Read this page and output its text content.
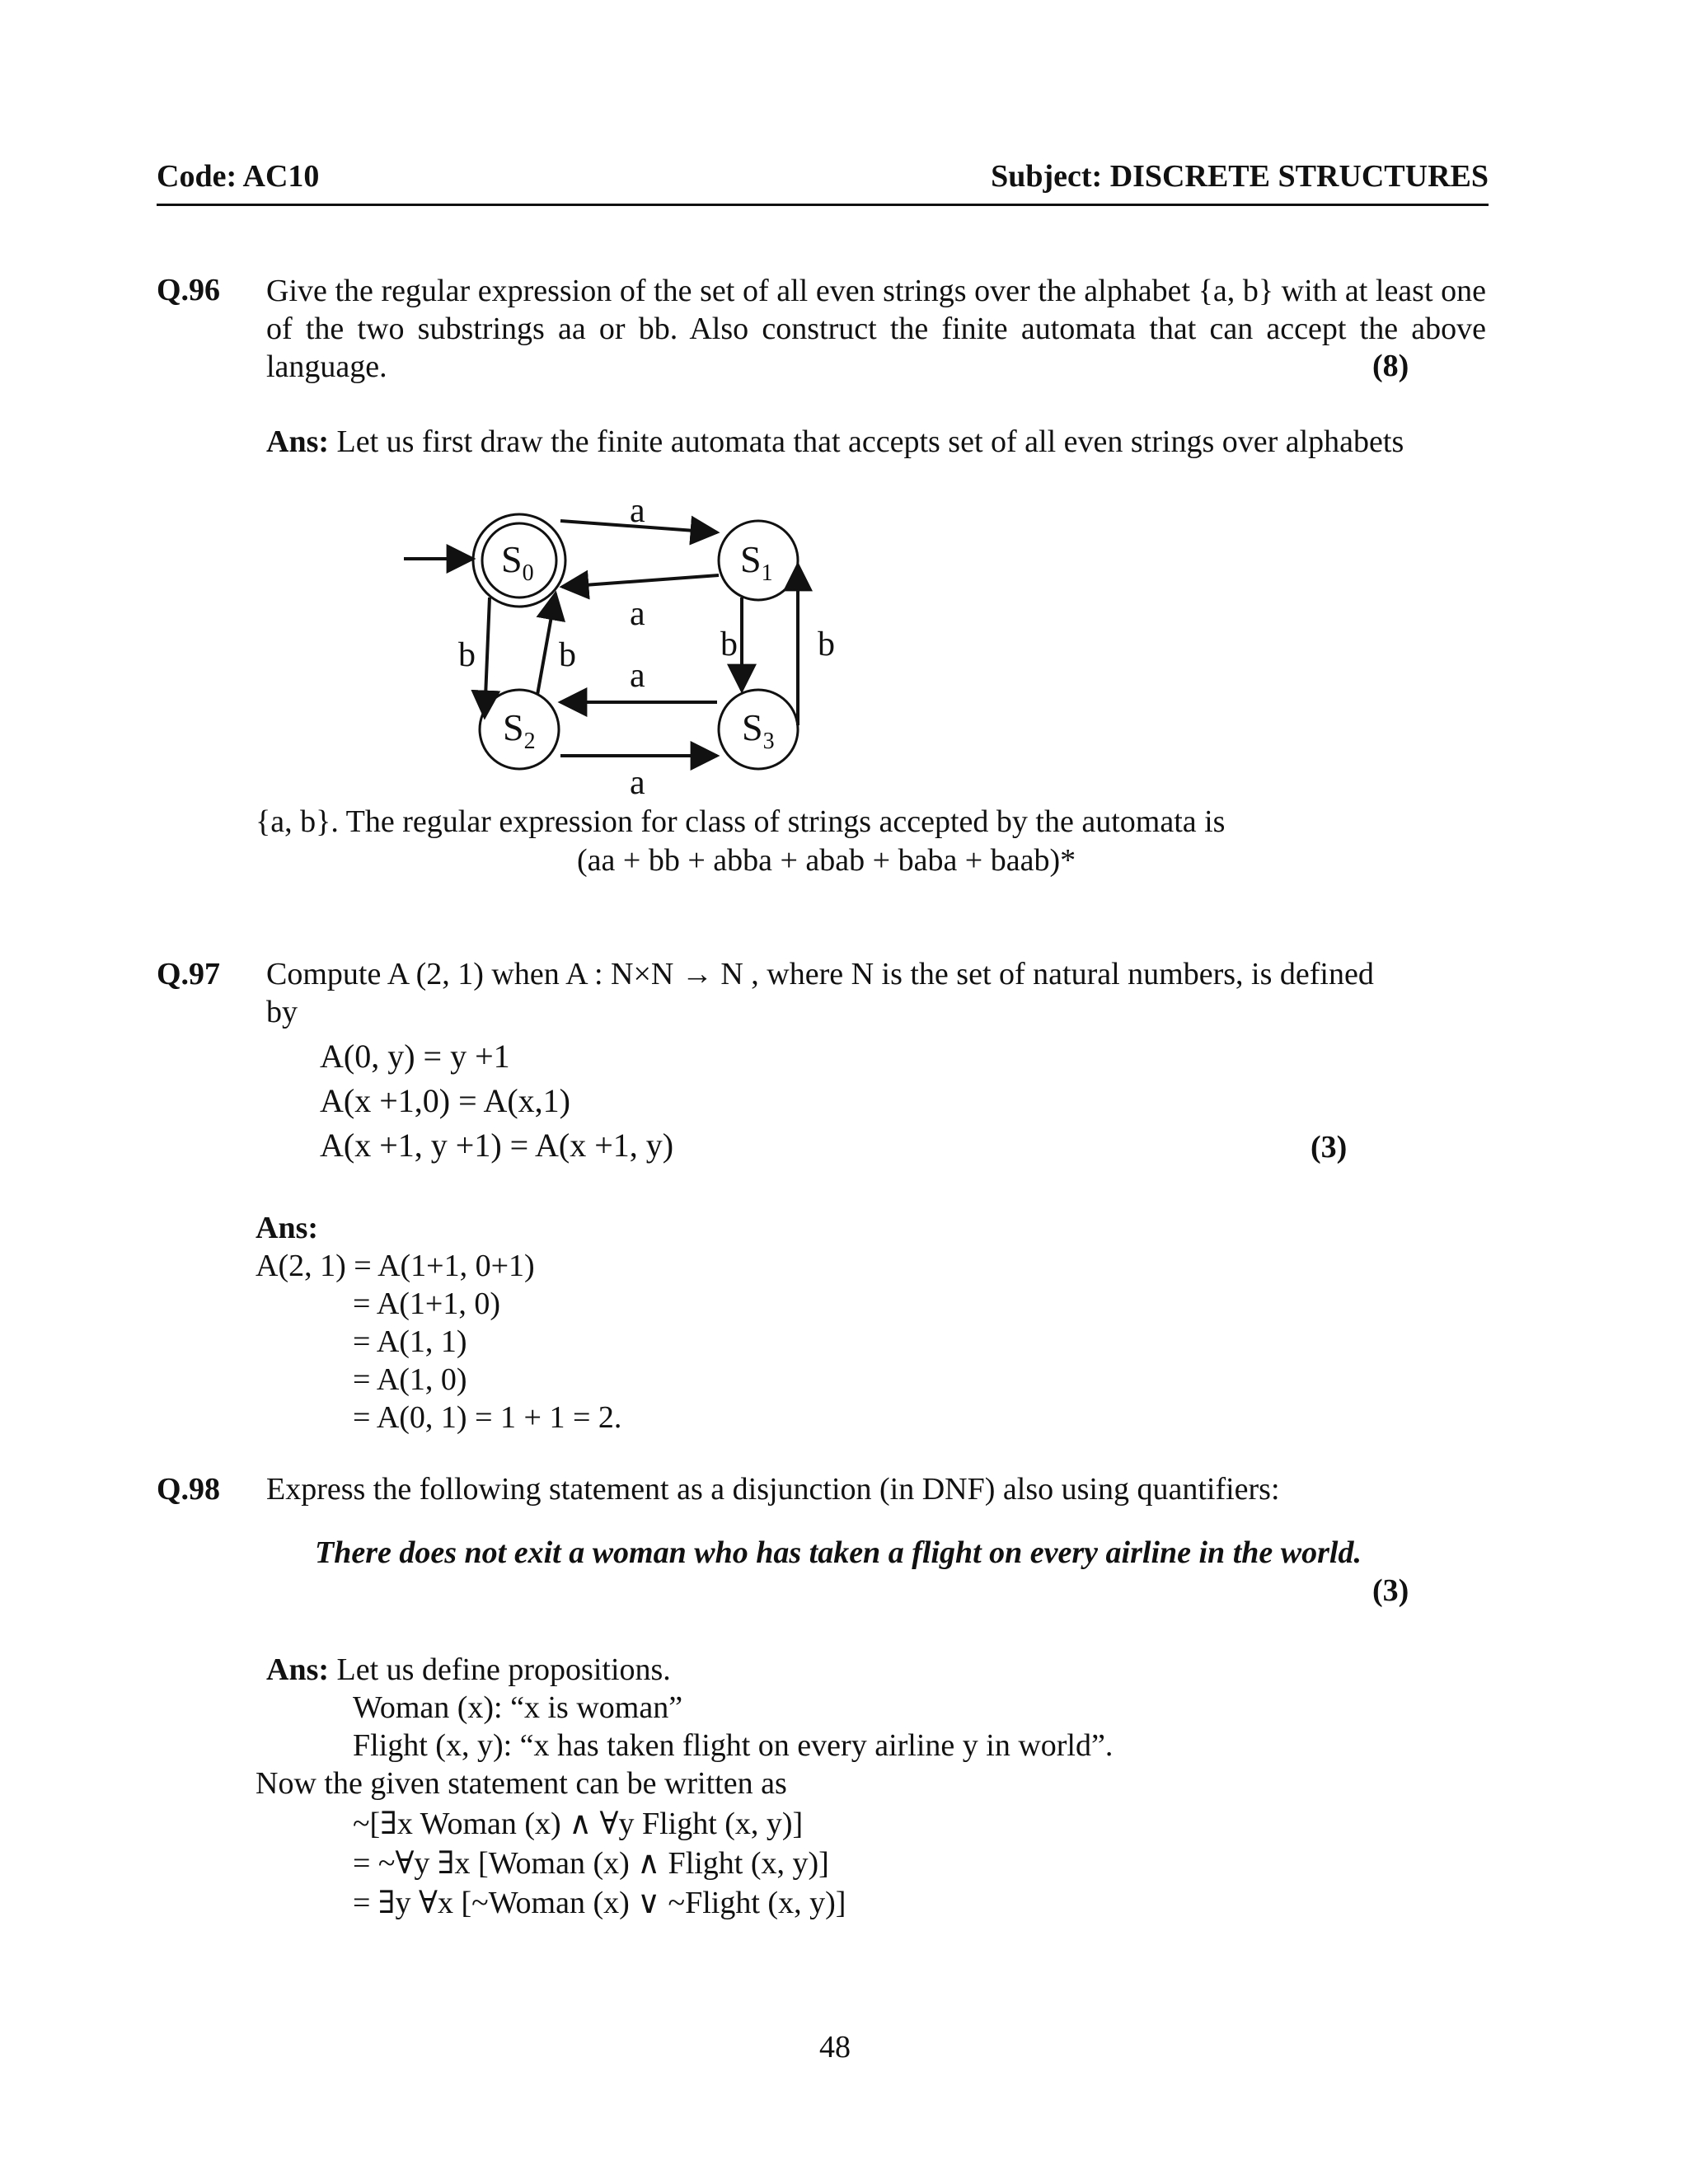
Code: AC10	Subject: DISCRETE STRUCTURES
Q.96 Give the regular expression of the set of all even strings over the alphabet {a, b} with at least one of the two substrings aa or bb. Also construct the finite automata that can accept the above language.	(8)
Ans: Let us first draw the finite automata that accepts set of all even strings over alphabets
$S_0$	$S_1$
$S_2$	$S_3$
a
a
a
a
b b	b b
{a, b}. The regular expression for class of strings accepted by the automata is
(aa + bb + abba + abab + baba + baab)*
Q.97 Compute A (2, 1) when A : N×N → N , where N is the set of natural numbers, is defined
by
A(0, y) = y +1
A(x +1,0) = A(x,1)
A(x +1, y +1) = A(x +1, y)	(3)
Ans:
A(2, 1) = A(1+1, 0+1)
= A(1+1, 0)
= A(1, 1)
= A(1, 0)
= A(0, 1) = 1 + 1 = 2.
Q.98 Express the following statement as a disjunction (in DNF) also using quantifiers:
There does not exit a woman who has taken a flight on every airline in the world.
(3)
Ans: Let us define propositions.
Woman (x): “x is woman”
Flight (x, y): “x has taken flight on every airline y in world”.
Now the given statement can be written as
~[∃x Woman (x) ∧ ∀y Flight (x, y)]
= ~∀y ∃x [Woman (x) ∧ Flight (x, y)]
= ∃y ∀x [~Woman (x) ∨ ~Flight (x, y)]
48
